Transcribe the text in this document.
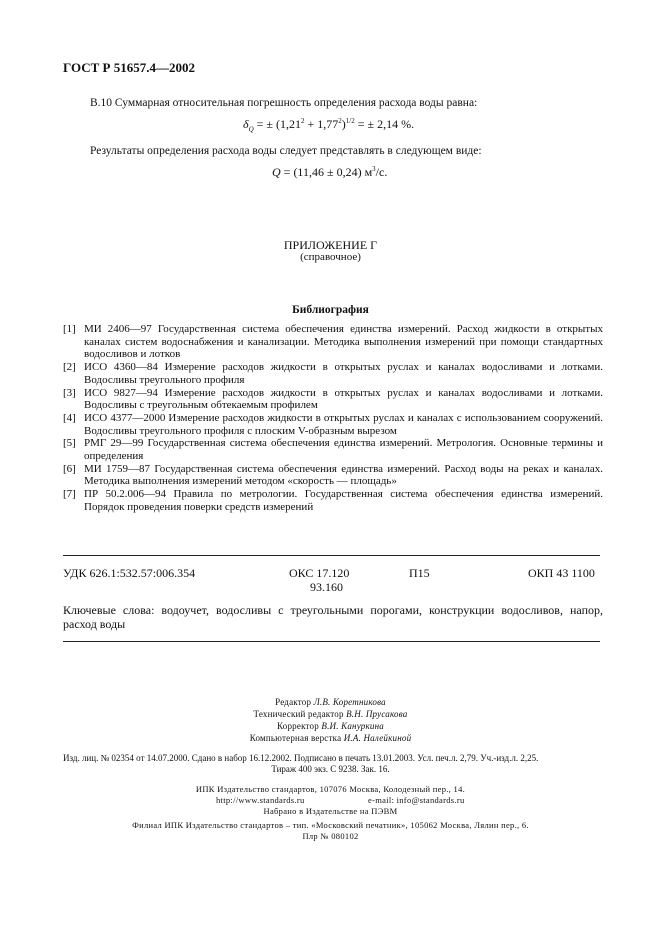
ГОСТ Р 51657.4—2002
В.10 Суммарная относительная погрешность определения расхода воды равна:
$\delta_Q$ = ± $(1,21^2 + 1,77^2)^{1/2}$ = ± 2,14 %.
Результаты определения расхода воды следует представлять в следующем виде:
Q = (11,46 ± 0,24) $м^3/с$.
ПРИЛОЖЕНИЕ Г
(справочное)
Библиография
[1] МИ 2406—97 Государственная система обеспечения единства измерений. Расход жидкости в открытых каналах систем водоснабжения и канализации. Методика выполнения измерений при помощи стандартных водосливов и лотков
[2] ИСО 4360—84 Измерение расходов жидкости в открытых руслах и каналах водосливами и лотками. Водосливы треугольного профиля
[3] ИСО 9827—94 Измерение расходов жидкости в открытых руслах и каналах водосливами и лотками. Водосливы с треугольным обтекаемым профилем
[4] ИСО 4377—2000 Измерение расходов жидкости в открытых руслах и каналах с использованием сооружений. Водосливы треугольного профиля с плоским V-образным вырезом
[5] РМГ 29—99 Государственная система обеспечения единства измерений. Метрология. Основные термины и определения
[6] МИ 1759—87 Государственная система обеспечения единства измерений. Расход воды на реках и каналах. Методика выполнения измерений методом «скорость — площадь»
[7] ПР 50.2.006—94 Правила по метрологии. Государственная система обеспечения единства измерений. Порядок проведения поверки средств измерений
УДК 626.1:532.57:006.354	ОКС 17.120
93.160
П15	ОКП 43 1100
Ключевые слова: водоучет, водосливы с треугольными порогами, конструкции водосливов, напор, расход воды
Редактор Л.В. Коретникова
Технический редактор В.Н. Прусакова
Корректор В.И. Кануркина
Компьютерная верстка И.А. Налейкиной
Изд. лиц. № 02354 от 14.07.2000. Сдано в набор 16.12.2002. Подписано в печать 13.01.2003. Усл. печ.л. 2,79. Уч.-изд.л. 2,25.
Тираж 400 экз. С 9238. Зак. 16.
ИПК Издательство стандартов, 107076 Москва, Колодезный пер., 14.
http://www.standards.ru	e-mail: info@standards.ru
Набрано в Издательстве на ПЭВМ
Филиал ИПК Издательство стандартов – тип. «Московский печатник», 105062 Москва, Лялин пер., 6.
Плр № 080102
